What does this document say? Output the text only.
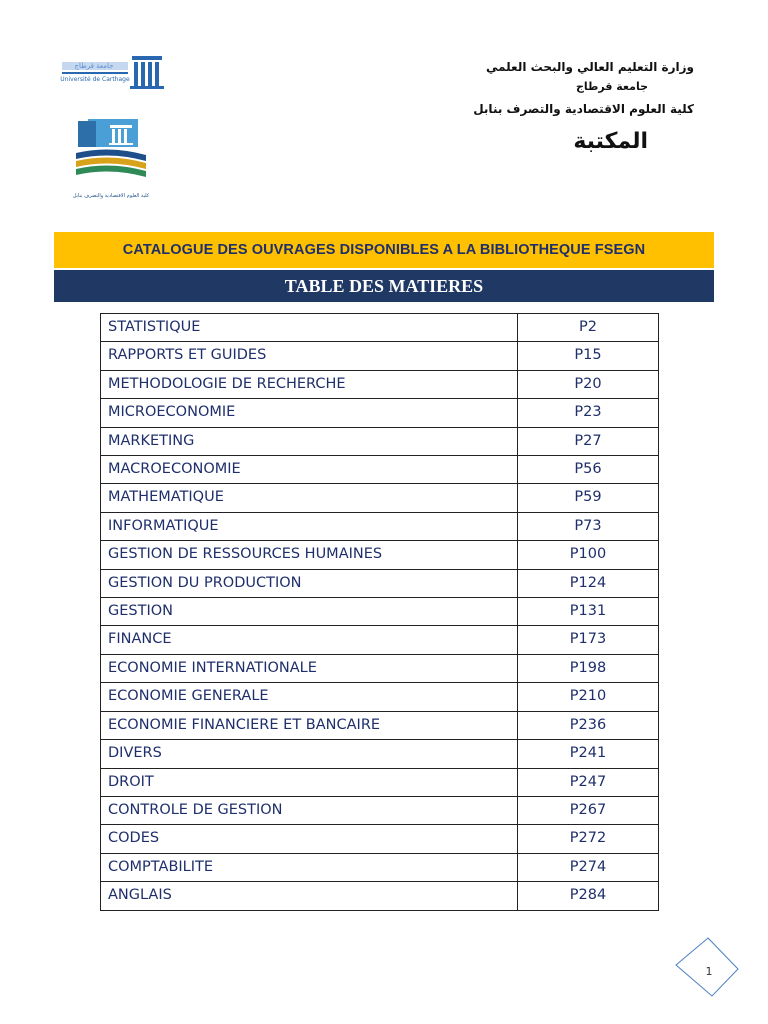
جامعة قرطاج
Université de Carthage
كلية العلوم الاقتصادية والتصرف بنابل
وزارة التعليم العالي والبحث العلمي
جامعة قرطاج
كلية العلوم الاقتصادية والتصرف بنابل
المكتبة
CATALOGUE DES OUVRAGES DISPONIBLES A LA BIBLIOTHEQUE FSEGN
TABLE DES MATIERES
STATISTIQUE	P2
RAPPORTS ET GUIDES	P15
METHODOLOGIE DE RECHERCHE	P20
MICROECONOMIE	P23
MARKETING	P27
MACROECONOMIE	P56
MATHEMATIQUE	P59
INFORMATIQUE	P73
GESTION DE RESSOURCES HUMAINES	P100
GESTION DU PRODUCTION	P124
GESTION	P131
FINANCE	P173
ECONOMIE INTERNATIONALE	P198
ECONOMIE GENERALE	P210
ECONOMIE FINANCIERE ET BANCAIRE	P236
DIVERS	P241
DROIT	P247
CONTROLE DE GESTION	P267
CODES	P272
COMPTABILITE	P274
ANGLAIS	P284
1
